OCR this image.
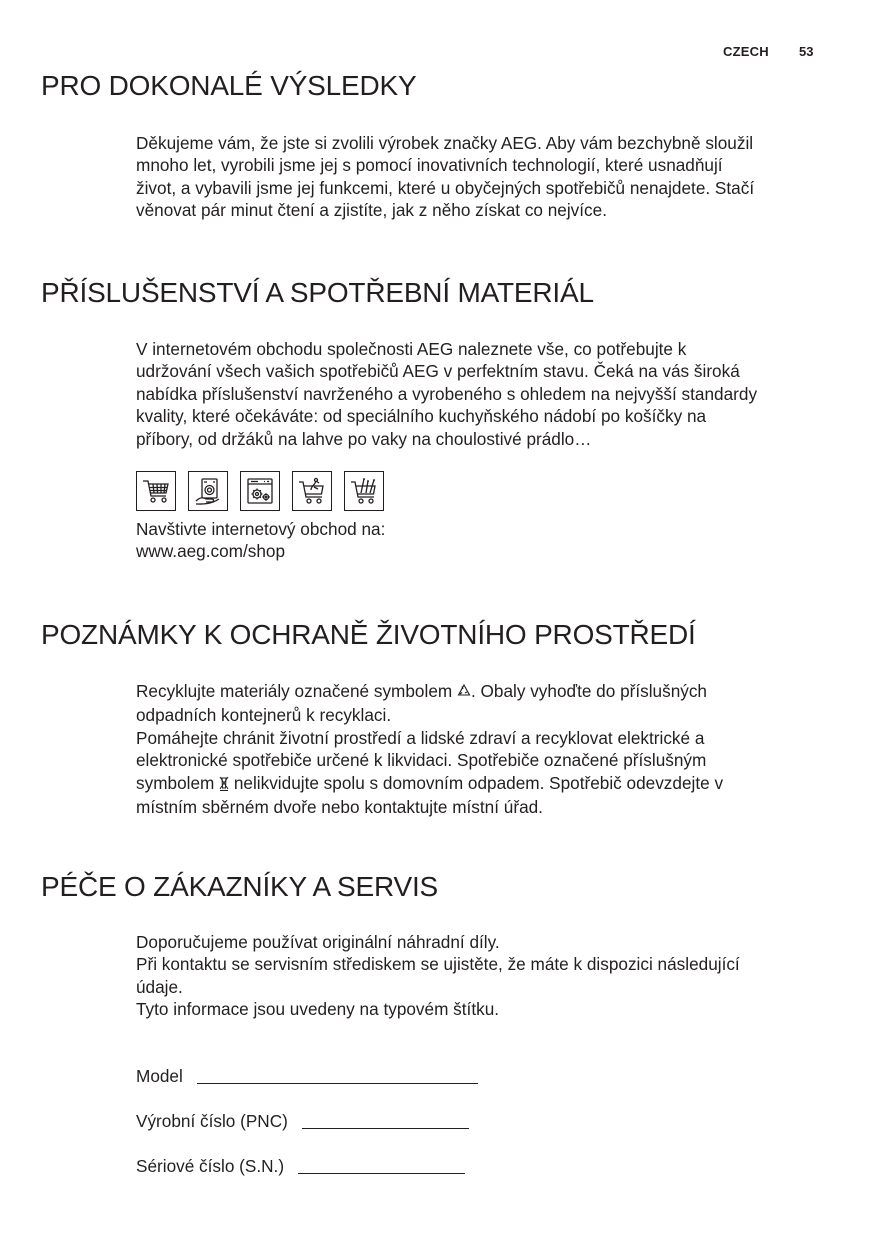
CZECH 53
PRO DOKONALÉ VÝSLEDKY

Děkujeme vám, že jste si zvolili výrobek značky AEG. Aby vám bezchybně sloužil
mnoho let, vyrobili jsme jej s pomocí inovativních technologií, které usnadňují
život, a vybavili jsme jej funkcemi, které u obyčejných spotřebičů nenajdete. Stačí
věnovat pár minut čtení a zjistíte, jak z něho získat co nejvíce.

PŘÍSLUŠENSTVÍ A SPOTŘEBNÍ MATERIÁL

V internetovém obchodu společnosti AEG naleznete vše, co potřebujte k
udržování všech vašich spotřebičů AEG v perfektním stavu. Čeká na vás široká
nabídka příslušenství navrženého a vyrobeného s ohledem na nejvyšší standardy
kvality, které očekáváte: od speciálního kuchyňského nádobí po košíčky na
příbory, od držáků na lahve po vaky na choulostivé prádlo…

Navštivte internetový obchod na:
www.aeg.com/shop

POZNÁMKY K OCHRANĚ ŽIVOTNÍHO PROSTŘEDÍ

Recyklujte materiály označené symbolem . Obaly vyhoďte do příslušných
odpadních kontejnerů k recyklaci.
Pomáhejte chránit životní prostředí a lidské zdraví a recyklovat elektrické a
elektronické spotřebiče určené k likvidaci. Spotřebiče označené příslušným
symbolem  nelikvidujte spolu s domovním odpadem. Spotřebič odevzdejte v
místním sběrném dvoře nebo kontaktujte místní úřad.

PÉČE O ZÁKAZNÍKY A SERVIS

Doporučujeme používat originální náhradní díly.
Při kontaktu se servisním střediskem se ujistěte, že máte k dispozici následující
údaje.
Tyto informace jsou uvedeny na typovém štítku.

Model
Výrobní číslo (PNC)
Sériové číslo (S.N.)
